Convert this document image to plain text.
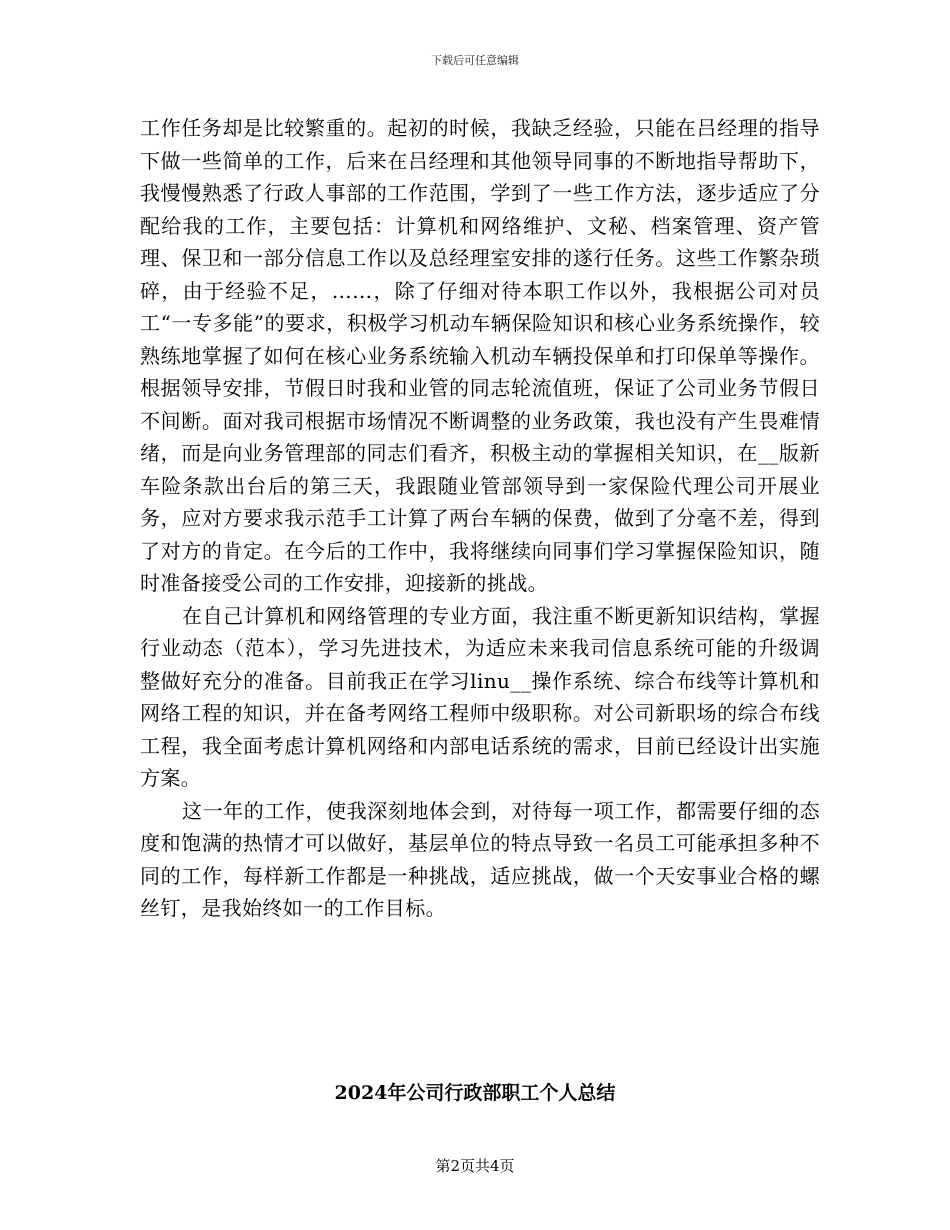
下载后可任意编辑

工作任务却是比较繁重的。起初的时候，我缺乏经验，只能在吕经理的指导下做一些简单的工作，后来在吕经理和其他领导同事的不断地指导帮助下，我慢慢熟悉了行政人事部的工作范围，学到了一些工作方法，逐步适应了分配给我的工作，主要包括：计算机和网络维护、文秘、档案管理、资产管理、保卫和一部分信息工作以及总经理室安排的遂行任务。这些工作繁杂琐碎，由于经验不足，……，除了仔细对待本职工作以外，我根据公司对员工“一专多能”的要求，积极学习机动车辆保险知识和核心业务系统操作，较熟练地掌握了如何在核心业务系统输入机动车辆投保单和打印保单等操作。根据领导安排，节假日时我和业管的同志轮流值班，保证了公司业务节假日不间断。面对我司根据市场情况不断调整的业务政策，我也没有产生畏难情绪，而是向业务管理部的同志们看齐，积极主动的掌握相关知识，在__版新车险条款出台后的第三天，我跟随业管部领导到一家保险代理公司开展业务，应对方要求我示范手工计算了两台车辆的保费，做到了分毫不差，得到了对方的肯定。在今后的工作中，我将继续向同事们学习掌握保险知识，随时准备接受公司的工作安排，迎接新的挑战。

在自己计算机和网络管理的专业方面，我注重不断更新知识结构，掌握行业动态（范本），学习先进技术，为适应未来我司信息系统可能的升级调整做好充分的准备。目前我正在学习linu__操作系统、综合布线等计算机和网络工程的知识，并在备考网络工程师中级职称。对公司新职场的综合布线工程，我全面考虑计算机网络和内部电话系统的需求，目前已经设计出实施方案。

这一年的工作，使我深刻地体会到，对待每一项工作，都需要仔细的态度和饱满的热情才可以做好，基层单位的特点导致一名员工可能承担多种不同的工作，每样新工作都是一种挑战，适应挑战，做一个天安事业合格的螺丝钉，是我始终如一的工作目标。

2024年公司行政部职工个人总结
第2页共4页
